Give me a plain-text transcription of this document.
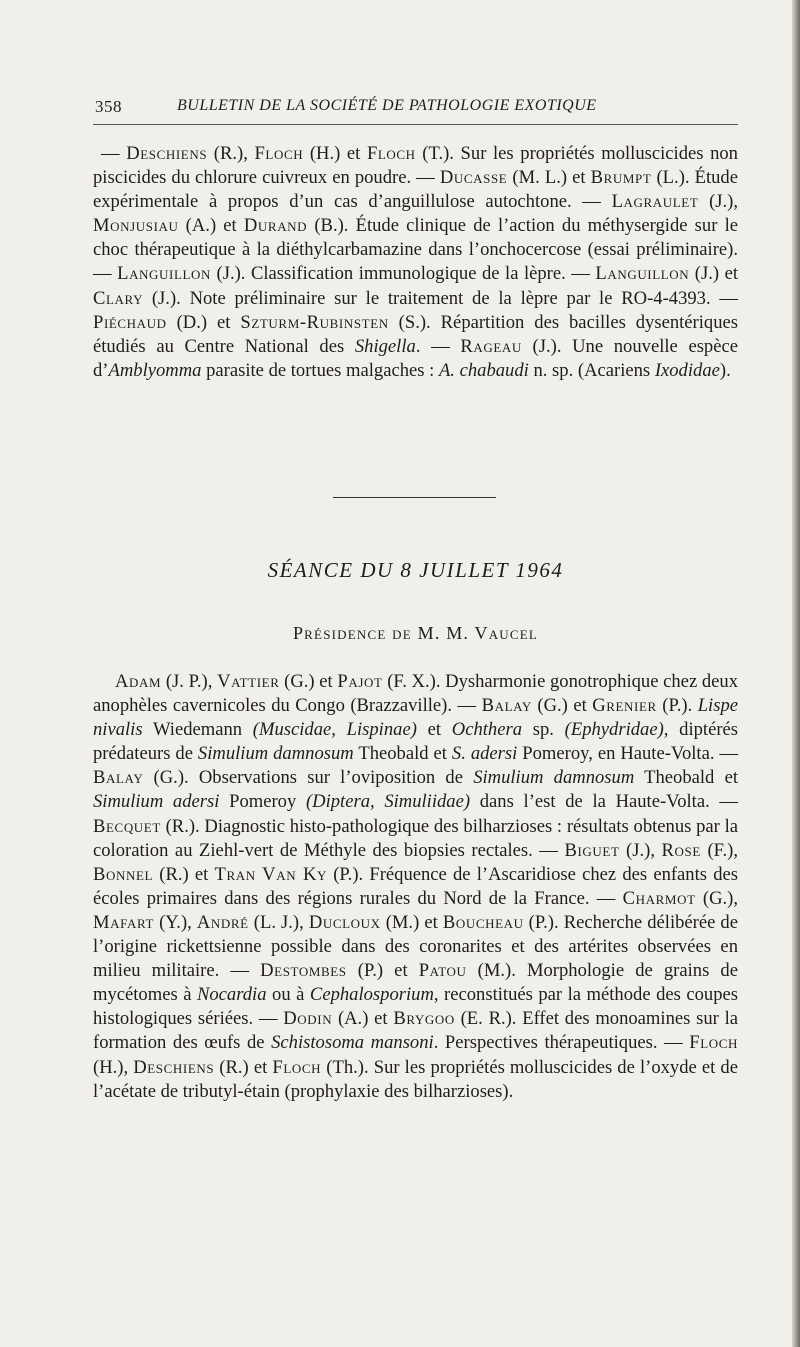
358	BULLETIN DE LA SOCIÉTÉ DE PATHOLOGIE EXOTIQUE

— Deschiens (R.), Floch (H.) et Floch (T.). Sur les propriétés molluscicides non piscicides du chlorure cuivreux en poudre. — Ducasse (M. L.) et Brumpt (L.). Étude expérimentale à propos d’un cas d’anguillulose autochtone. — Lagraulet (J.), Monjusiau (A.) et Durand (B.). Étude clinique de l’action du méthysergide sur le choc thérapeutique à la diéthylcarbamazine dans l’onchocercose (essai préliminaire). — Languillon (J.). Classification immunologique de la lèpre. — Languillon (J.) et Clary (J.). Note préliminaire sur le traitement de la lèpre par le RO-4-4393. — Piéchaud (D.) et Szturm-Rubinsten (S.). Répartition des bacilles dysentériques étudiés au Centre National des Shigella. — Rageau (J.). Une nouvelle espèce d’Amblyomma parasite de tortues malgaches : A. chabaudi n. sp. (Acariens Ixodidae).

SÉANCE DU 8 JUILLET 1964
Présidence de M. M. Vaucel

Adam (J. P.), Vattier (G.) et Pajot (F. X.). Dysharmonie gonotrophique chez deux anophèles cavernicoles du Congo (Brazzaville). — Balay (G.) et Grenier (P.). Lispe nivalis Wiedemann (Muscidae, Lispinae) et Ochthera sp. (Ephydridae), diptérés prédateurs de Simulium damnosum Theobald et S. adersi Pomeroy, en Haute-Volta. — Balay (G.). Observations sur l’oviposition de Simulium damnosum Theobald et Simulium adersi Pomeroy (Diptera, Simuliidae) dans l’est de la Haute-Volta. — Becquet (R.). Diagnostic histo-pathologique des bilharzioses : résultats obtenus par la coloration au Ziehl-vert de Méthyle des biopsies rectales. — Biguet (J.), Rose (F.), Bonnel (R.) et Tran Van Ky (P.). Fréquence de l’Ascaridiose chez des enfants des écoles primaires dans des régions rurales du Nord de la France. — Charmot (G.), Mafart (Y.), André (L. J.), Ducloux (M.) et Boucheau (P.). Recherche délibérée de l’origine rickettsienne possible dans des coronarites et des artérites observées en milieu militaire. — Destombes (P.) et Patou (M.). Morphologie de grains de mycétomes à Nocardia ou à Cephalosporium, reconstitués par la méthode des coupes histologiques sériées. — Dodin (A.) et Brygoo (E. R.). Effet des monoamines sur la formation des œufs de Schistosoma mansoni. Perspectives thérapeutiques. — Floch (H.), Deschiens (R.) et Floch (Th.). Sur les propriétés molluscicides de l’oxyde et de l’acétate de tributyl-étain (prophylaxie des bilharzioses).
